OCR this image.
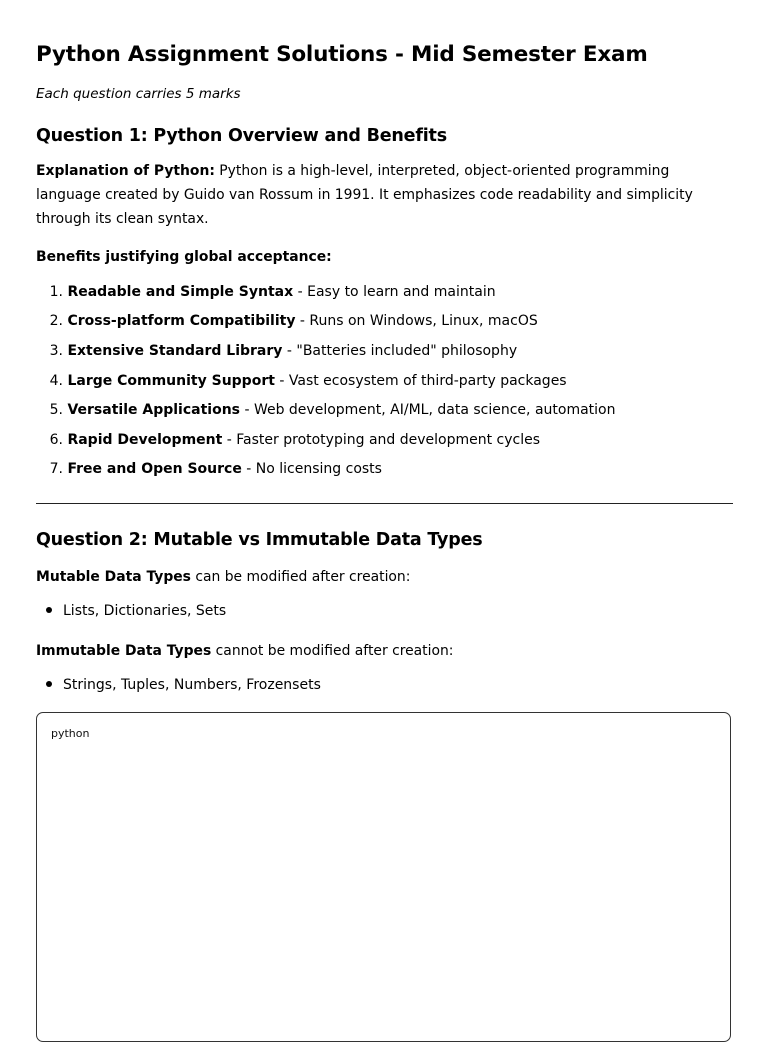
Python Assignment Solutions - Mid Semester Exam

Each question carries 5 marks

Question 1: Python Overview and Benefits

Explanation of Python: Python is a high-level, interpreted, object-oriented programming language created by Guido van Rossum in 1991. It emphasizes code readability and simplicity through its clean syntax.

Benefits justifying global acceptance:

1. Readable and Simple Syntax - Easy to learn and maintain
2. Cross-platform Compatibility - Runs on Windows, Linux, macOS
3. Extensive Standard Library - "Batteries included" philosophy
4. Large Community Support - Vast ecosystem of third-party packages
5. Versatile Applications - Web development, AI/ML, data science, automation
6. Rapid Development - Faster prototyping and development cycles
7. Free and Open Source - No licensing costs
Question 2: Mutable vs Immutable Data Types

Mutable Data Types can be modified after creation:

Lists, Dictionaries, Sets

Immutable Data Types cannot be modified after creation:

Strings, Tuples, Numbers, Frozensets
python
